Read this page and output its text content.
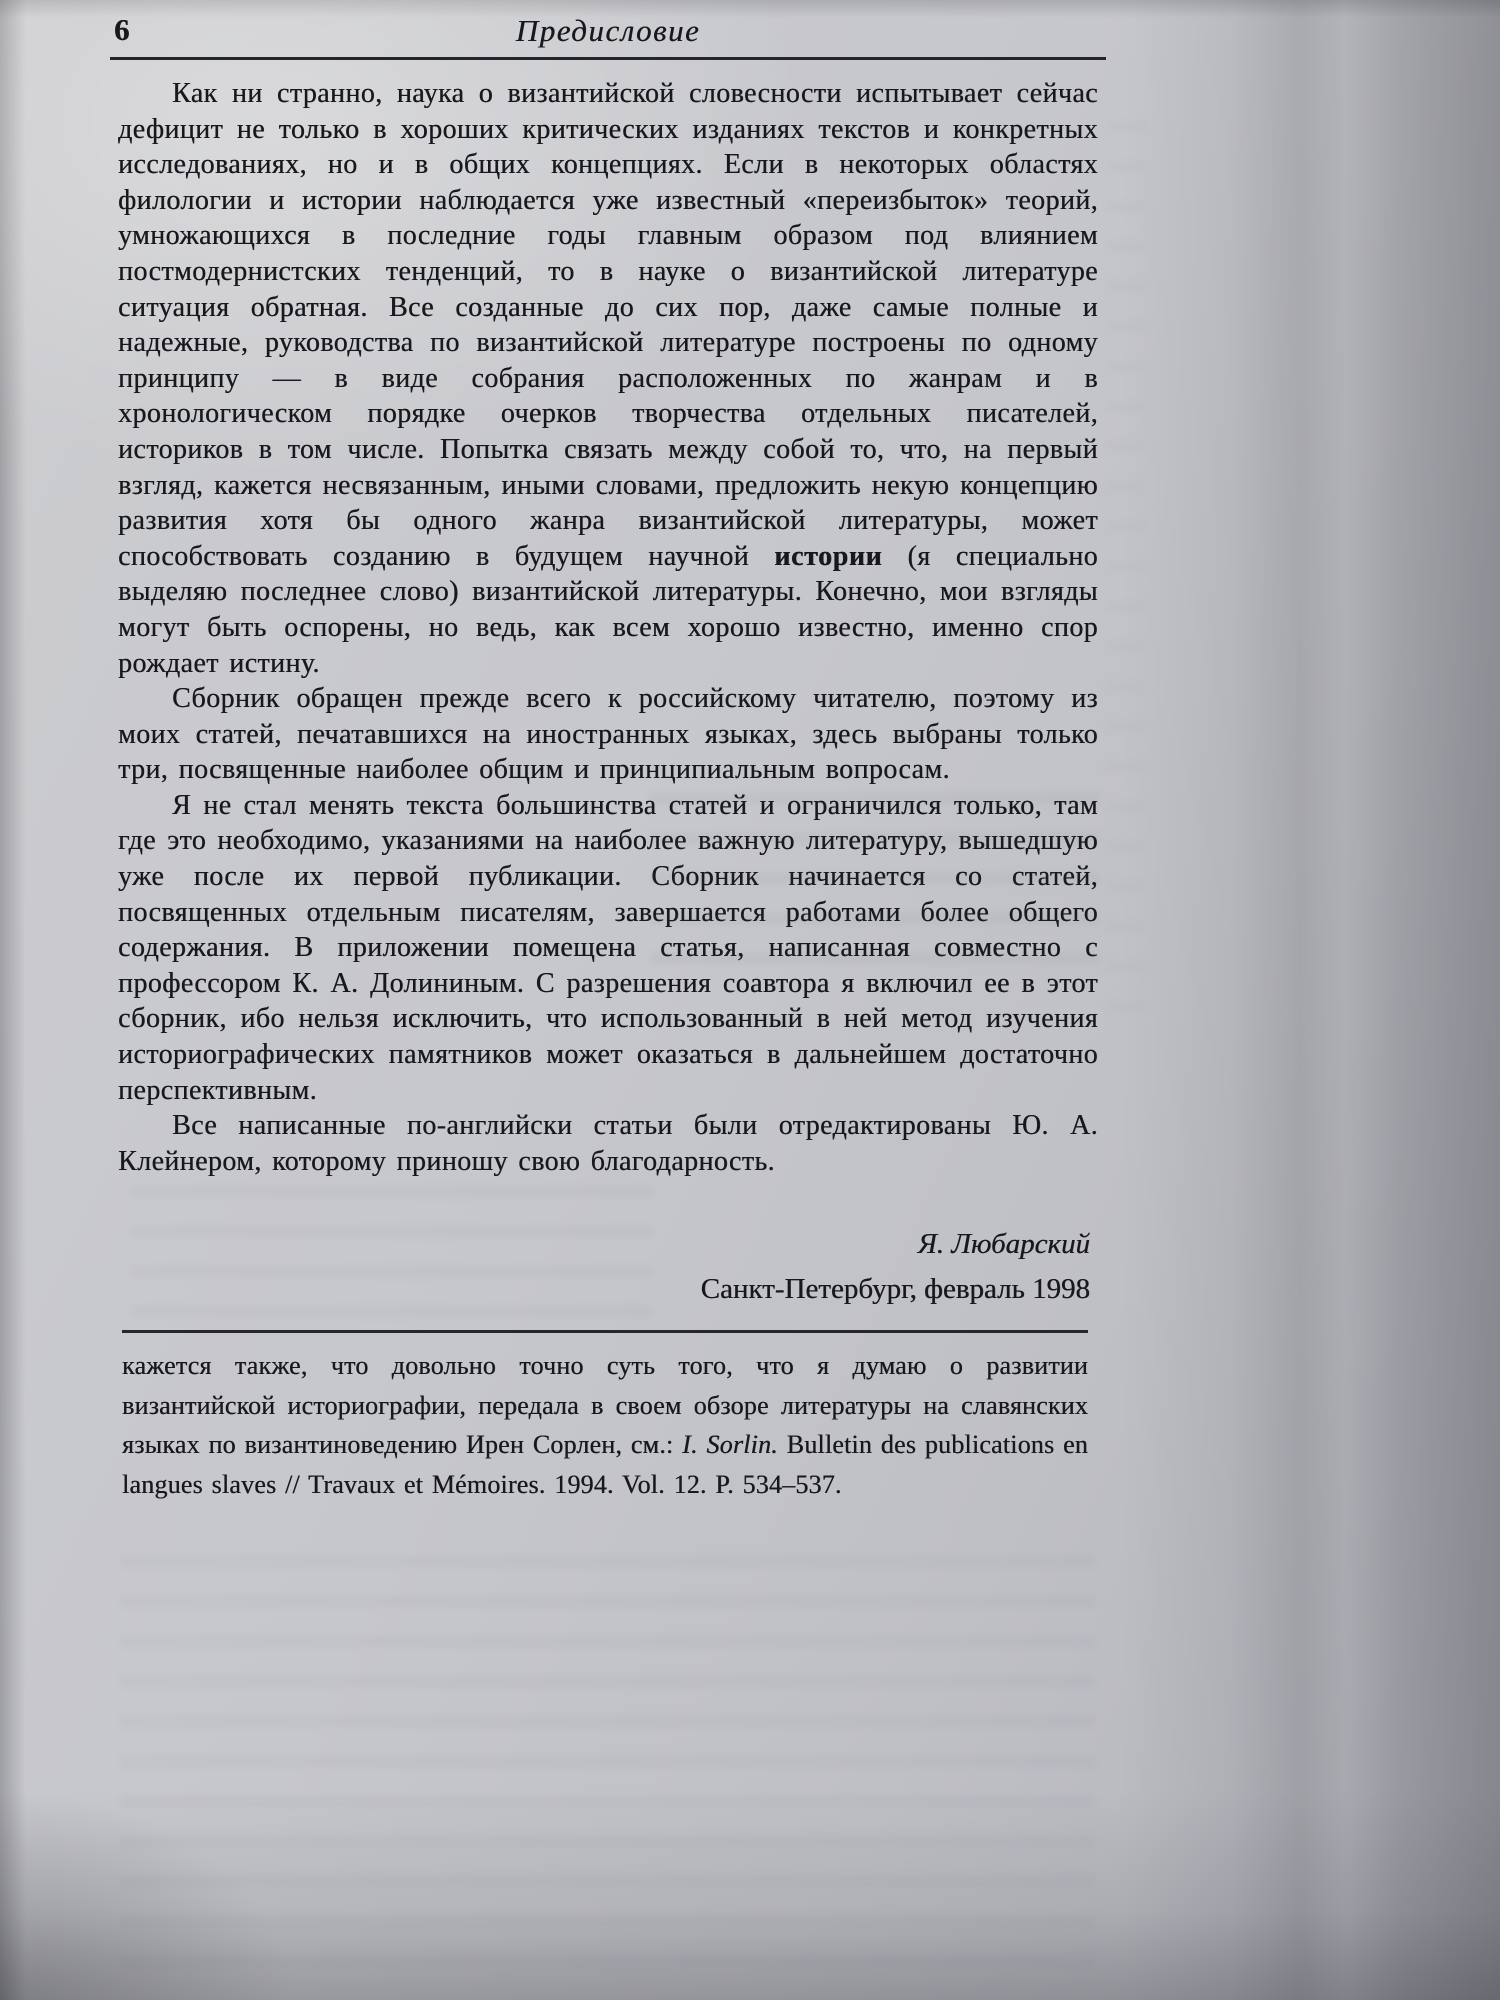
6	Предисловие

Как ни странно, наука о византийской словесности испытывает сейчас дефицит не только в хороших критических изданиях текстов и конкретных исследованиях, но и в общих концепциях. Если в некоторых областях филологии и истории наблюдается уже известный «переизбыток» теорий, умножающихся в последние годы главным образом под влиянием постмодернистских тенденций, то в науке о византийской литературе ситуация обратная. Все созданные до сих пор, даже самые полные и надежные, руководства по византийской литературе построены по одному принципу — в виде собрания расположенных по жанрам и в хронологическом порядке очерков творчества отдельных писателей, историков в том числе. Попытка связать между собой то, что, на первый взгляд, кажется несвязанным, иными словами, предложить некую концепцию развития хотя бы одного жанра византийской литературы, может способствовать созданию в будущем научной истории (я специально выделяю последнее слово) византийской литературы. Конечно, мои взгляды могут быть оспорены, но ведь, как всем хорошо известно, именно спор рождает истину.

Сборник обращен прежде всего к российскому читателю, поэтому из моих статей, печатавшихся на иностранных языках, здесь выбраны только три, посвященные наиболее общим и принципиальным вопросам.

Я не стал менять текста большинства статей и ограничился только, там где это необходимо, указаниями на наиболее важную литературу, вышедшую уже после их первой публикации. Сборник начинается со статей, посвященных отдельным писателям, завершается работами более общего содержания. В приложении помещена статья, написанная совместно с профессором К. А. Долининым. С разрешения соавтора я включил ее в этот сборник, ибо нельзя исключить, что использованный в ней метод изучения историографических памятников может оказаться в дальнейшем достаточно перспективным.

Все написанные по-английски статьи были отредактированы Ю. А. Клейнером, которому приношу свою благодарность.

Я. Любарский
Санкт-Петербург, февраль 1998
кажется также, что довольно точно суть того, что я думаю о развитии византийской историографии, передала в своем обзоре литературы на славянских языках по византиноведению Ирен Сорлен, см.: I. Sorlin. Bulletin des publications en langues slaves // Travaux et Mémoires. 1994. Vol. 12. P. 534–537.
